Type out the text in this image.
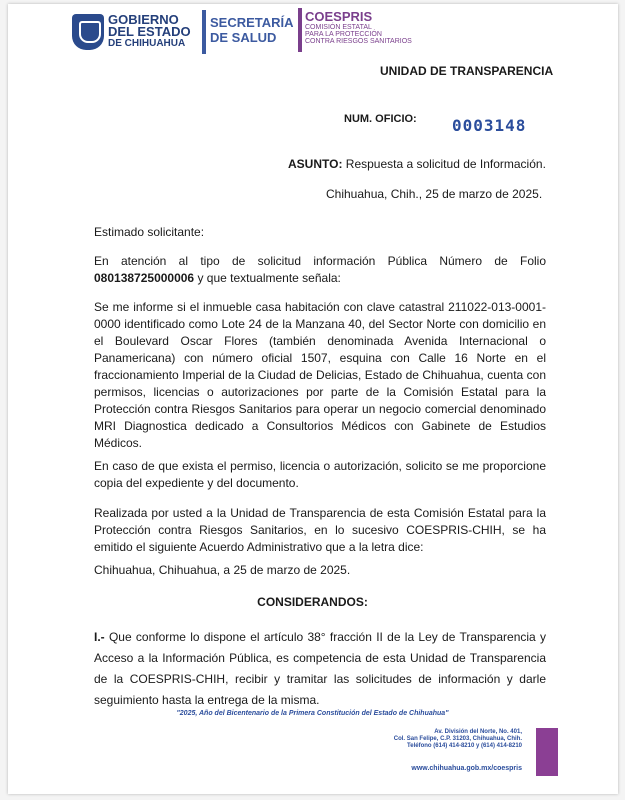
GOBIERNO
DEL ESTADO
DE CHIHUAHUA
SECRETARÍA
DE SALUD
COESPRIS
COMISIÓN ESTATAL
PARA LA PROTECCIÓN
CONTRA RIESGOS SANITARIOS
UNIDAD DE TRANSPARENCIA
NUM. OFICIO: 0003148
ASUNTO: Respuesta a solicitud de Información.
Chihuahua, Chih., 25 de marzo de 2025.
Estimado solicitante:
En atención al tipo de solicitud información Pública Número de Folio 080138725000006 y que textualmente señala:
Se me informe si el inmueble casa habitación con clave catastral 211022-013-0001-0000 identificado como Lote 24 de la Manzana 40, del Sector Norte con domicilio en el Boulevard Oscar Flores (también denominada Avenida Internacional o Panamericana) con número oficial 1507, esquina con Calle 16 Norte en el fraccionamiento Imperial de la Ciudad de Delicias, Estado de Chihuahua, cuenta con permisos, licencias o autorizaciones por parte de la Comisión Estatal para la Protección contra Riesgos Sanitarios para operar un negocio comercial denominado MRI Diagnostica dedicado a Consultorios Médicos con Gabinete de Estudios Médicos.
En caso de que exista el permiso, licencia o autorización, solicito se me proporcione copia del expediente y del documento.
Realizada por usted a la Unidad de Transparencia de esta Comisión Estatal para la Protección contra Riesgos Sanitarios, en lo sucesivo COESPRIS-CHIH, se ha emitido el siguiente Acuerdo Administrativo que a la letra dice:
Chihuahua, Chihuahua, a 25 de marzo de 2025.
CONSIDERANDOS:
I.- Que conforme lo dispone el artículo 38° fracción II de la Ley de Transparencia y Acceso a la Información Pública, es competencia de esta Unidad de Transparencia de la COESPRIS-CHIH, recibir y tramitar las solicitudes de información y darle seguimiento hasta la entrega de la misma.
"2025, Año del Bicentenario de la Primera Constitución del Estado de Chihuahua"
Av. División del Norte, No. 401,
Col. San Felipe, C.P. 31203, Chihuahua, Chih.
Teléfono (614) 414-8210 y (614) 414-8210
www.chihuahua.gob.mx/coespris
